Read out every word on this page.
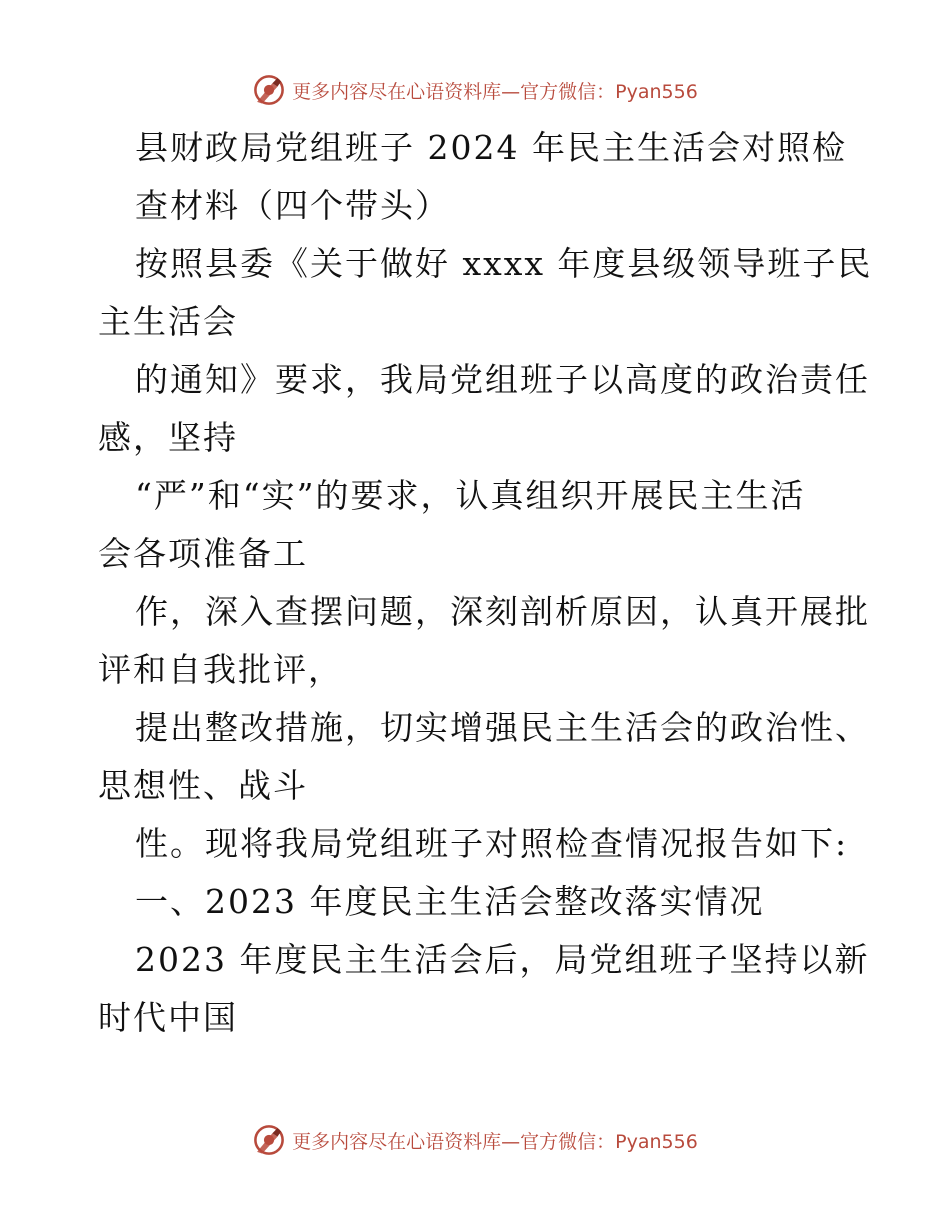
更多内容尽在心语资料库—官方微信：Pyan556
县财政局党组班子 2024 年民主生活会对照检
查材料（四个带头）
按照县委《关于做好 xxxx 年度县级领导班子民
主生活会
的通知》要求，我局党组班子以高度的政治责任
感，坚持
“严”和“实”的要求，认真组织开展民主生活
会各项准备工
作，深入查摆问题，深刻剖析原因，认真开展批
评和自我批评，
提出整改措施，切实增强民主生活会的政治性、
思想性、战斗
性。现将我局党组班子对照检查情况报告如下:
一、2023 年度民主生活会整改落实情况
2023 年度民主生活会后，局党组班子坚持以新
时代中国
更多内容尽在心语资料库—官方微信：Pyan556
